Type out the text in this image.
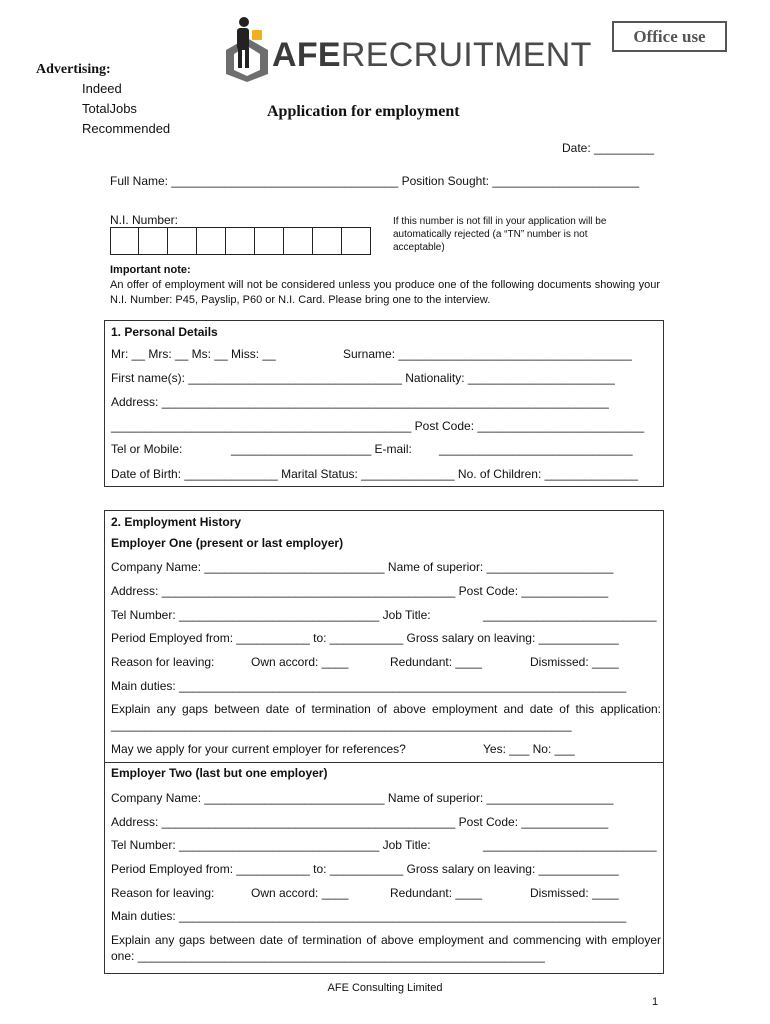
Office use
AFERECRUITMENT
Advertising:
Indeed
TotalJobs
Recommended
Application for employment
Date: _________
Full Name: __________________________________ Position Sought: ______________________
N.I. Number:	If this number is not fill in your application will be automatically rejected (a “TN” number is not acceptable)
Important note:
An offer of employment will not be considered unless you produce one of the following documents showing your N.I. Number: P45, Payslip, P60 or N.I. Card. Please bring one to the interview.
1. Personal Details
Mr: __ Mrs: __ Ms: __ Miss: __	Surname: ___________________________________
First name(s): ________________________________ Nationality: ______________________
Address: ___________________________________________________________________
_____________________________________________ Post Code: _________________________
Tel or Mobile:	_____________________ E-mail: _____________________________
Date of Birth: ______________ Marital Status: ______________ No. of Children: ______________
2. Employment History
Employer One (present or last employer)
Company Name: ___________________________ Name of superior: ___________________
Address: ____________________________________________ Post Code: _____________
Tel Number: ______________________________ Job Title:	__________________________
Period Employed from: ___________ to: ___________ Gross salary on leaving: ____________
Reason for leaving:	Own accord: ____	Redundant: ____	Dismissed: ____
Main duties: ___________________________________________________________________
Explain any gaps between date of termination of above employment and date of this application: _____________________________________________________________________
May we apply for your current employer for references?	Yes: ___ No: ___
Employer Two (last but one employer)
Company Name: ___________________________ Name of superior: ___________________
Address: ____________________________________________ Post Code: _____________
Tel Number: ______________________________ Job Title:	__________________________
Period Employed from: ___________ to: ___________ Gross salary on leaving: ____________
Reason for leaving:	Own accord: ____	Redundant: ____	Dismissed: ____
Main duties: ___________________________________________________________________
Explain any gaps between date of termination of above employment and commencing with employer one: _____________________________________________________________
AFE Consulting Limited
1
